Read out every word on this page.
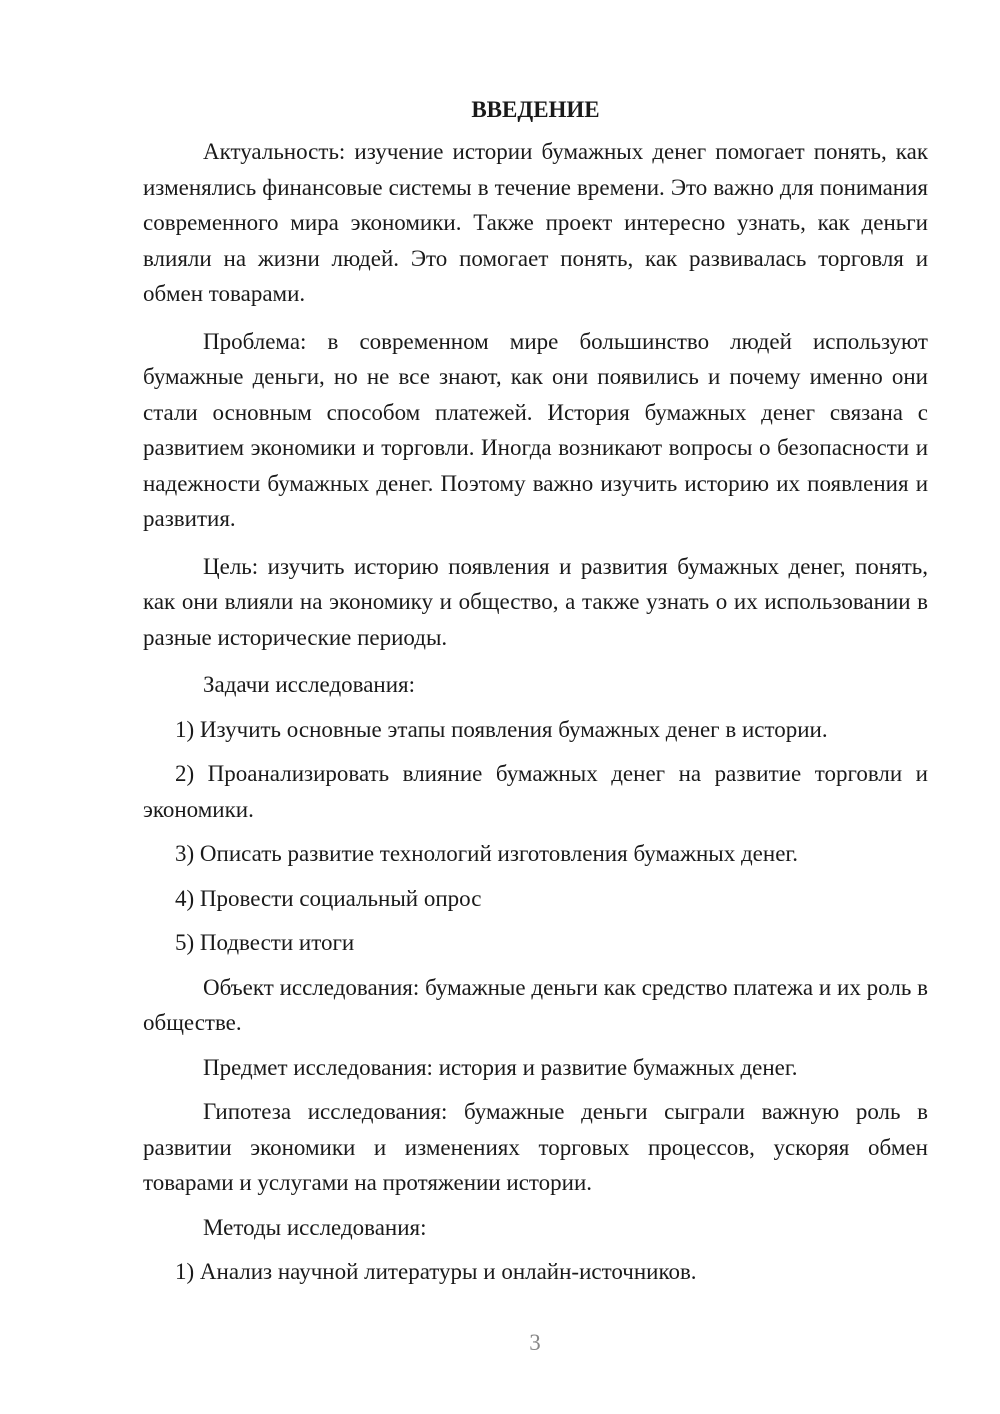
ВВЕДЕНИЕ

Актуальность: изучение истории бумажных денег помогает понять, как изменялись финансовые системы в течение времени. Это важно для понимания современного мира экономики. Также проект интересно узнать, как деньги влияли на жизни людей. Это помогает понять, как развивалась торговля и обмен товарами.

Проблема: в современном мире большинство людей используют бумажные деньги, но не все знают, как они появились и почему именно они стали основным способом платежей. История бумажных денег связана с развитием экономики и торговли. Иногда возникают вопросы о безопасности и надежности бумажных денег. Поэтому важно изучить историю их появления и развития.

Цель: изучить историю появления и развития бумажных денег, понять, как они влияли на экономику и общество, а также узнать о их использовании в разные исторические периоды.

Задачи исследования:

1) Изучить основные этапы появления бумажных денег в истории.

2) Проанализировать влияние бумажных денег на развитие торговли и экономики.

3) Описать развитие технологий изготовления бумажных денег.

4) Провести социальный опрос

5) Подвести итоги

Объект исследования: бумажные деньги как средство платежа и их роль в обществе.

Предмет исследования: история и развитие бумажных денег.

Гипотеза исследования: бумажные деньги сыграли важную роль в развитии экономики и изменениях торговых процессов, ускоряя обмен товарами и услугами на протяжении истории.

Методы исследования:

1) Анализ научной литературы и онлайн-источников.

3
